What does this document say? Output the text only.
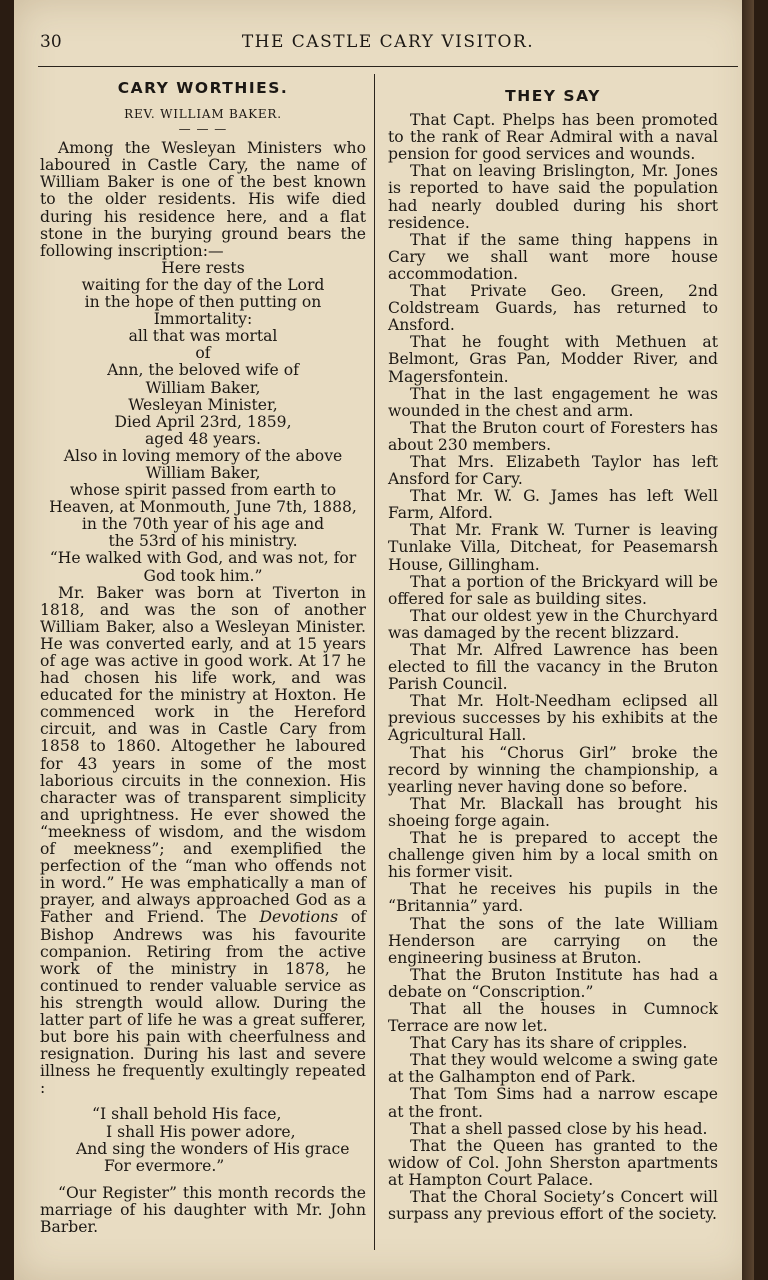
30	THE CASTLE CARY VISITOR.
CARY WORTHIES.
REV. WILLIAM BAKER.
— — —

Among the Wesleyan Ministers who laboured in Castle Cary, the name of William Baker is one of the best known to the older residents. His wife died during his residence here, and a flat stone in the burying ground bears the following inscription:—

Here rests
waiting for the day of the Lord
in the hope of then putting on
Immortality:
all that was mortal
of
Ann, the beloved wife of
William Baker,
Wesleyan Minister,
Died April 23rd, 1859,
aged 48 years.
Also in loving memory of the above
William Baker,
whose spirit passed from earth to
Heaven, at Monmouth, June 7th, 1888,
in the 70th year of his age and
the 53rd of his ministry.
“He walked with God, and was not, for
God took him.”

Mr. Baker was born at Tiverton in 1818, and was the son of another William Baker, also a Wesleyan Minister. He was converted early, and at 15 years of age was active in good work. At 17 he had chosen his life work, and was educated for the ministry at Hoxton. He commenced work in the Hereford circuit, and was in Castle Cary from 1858 to 1860. Altogether he laboured for 43 years in some of the most laborious circuits in the connexion. His character was of transparent simplicity and uprightness. He ever showed the “meekness of wisdom, and the wisdom of meekness”; and exemplified the perfection of the “man who offends not in word.” He was emphatically a man of prayer, and always approached God as a Father and Friend. The Devotions of Bishop Andrews was his favourite companion. Retiring from the active work of the ministry in 1878, he continued to render valuable service as his strength would allow. During the latter part of life he was a great sufferer, but bore his pain with cheerfulness and resignation. During his last and severe illness he frequently exultingly repeated :

“I shall behold His face,
I shall His power adore,
And sing the wonders of His grace
For evermore.”

“Our Register” this month records the marriage of his daughter with Mr. John Barber.

THEY SAY

That Capt. Phelps has been promoted to the rank of Rear Admiral with a naval pension for good services and wounds.

That on leaving Brislington, Mr. Jones is reported to have said the population had nearly doubled during his short residence.

That if the same thing happens in Cary we shall want more house accommodation.

That Private Geo. Green, 2nd Coldstream Guards, has returned to Ansford.

That he fought with Methuen at Belmont, Gras Pan, Modder River, and Magersfontein.

That in the last engagement he was wounded in the chest and arm.

That the Bruton court of Foresters has about 230 members.

That Mrs. Elizabeth Taylor has left Ansford for Cary.

That Mr. W. G. James has left Well Farm, Alford.

That Mr. Frank W. Turner is leaving Tunlake Villa, Ditcheat, for Peasemarsh House, Gillingham.

That a portion of the Brickyard will be offered for sale as building sites.

That our oldest yew in the Churchyard was damaged by the recent blizzard.

That Mr. Alfred Lawrence has been elected to fill the vacancy in the Bruton Parish Council.

That Mr. Holt-Needham eclipsed all previous successes by his exhibits at the Agricultural Hall.

That his “Chorus Girl” broke the record by winning the championship, a yearling never having done so before.

That Mr. Blackall has brought his shoeing forge again.

That he is prepared to accept the challenge given him by a local smith on his former visit.

That he receives his pupils in the “Britannia” yard.

That the sons of the late William Henderson are carrying on the engineering business at Bruton.

That the Bruton Institute has had a debate on “Conscription.”

That all the houses in Cumnock Terrace are now let.

That Cary has its share of cripples.

That they would welcome a swing gate at the Galhampton end of Park.

That Tom Sims had a narrow escape at the front.

That a shell passed close by his head.

That the Queen has granted to the widow of Col. John Sherston apartments at Hampton Court Palace.

That the Choral Society’s Concert will surpass any previous effort of the society.
